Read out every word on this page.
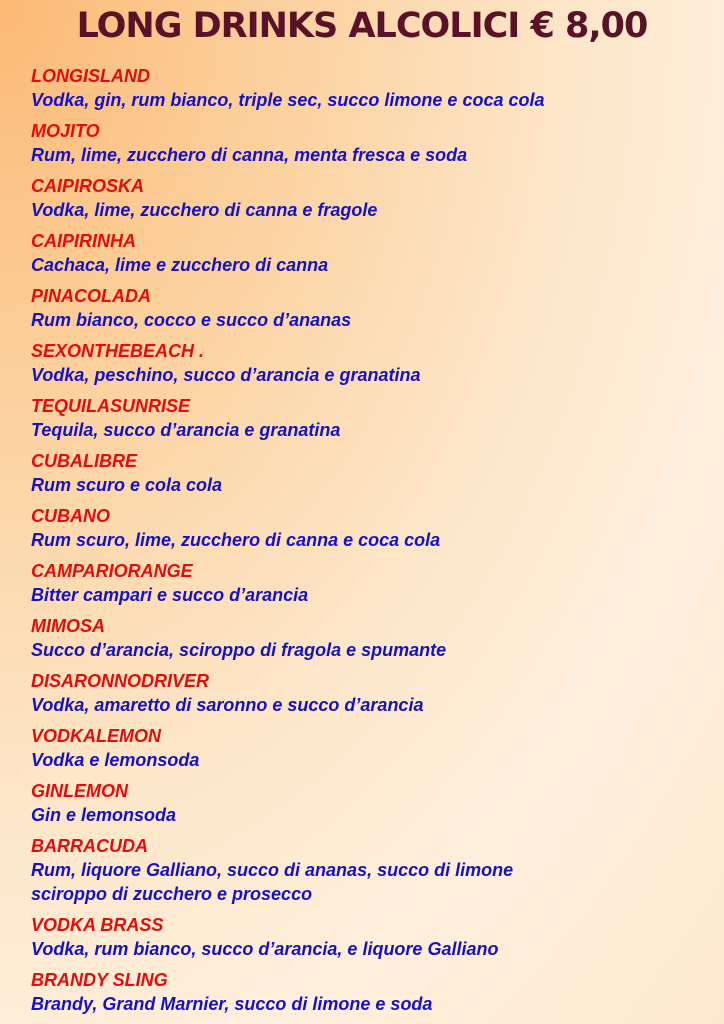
LONG DRINKS ALCOLICI € 8,00
LONGISLAND
Vodka, gin, rum bianco, triple sec, succo limone e coca cola
MOJITO
Rum, lime, zucchero di canna, menta fresca e soda
CAIPIROSKA
Vodka, lime, zucchero di canna e fragole
CAIPIRINHA
Cachaca, lime e zucchero di canna
PINACOLADA
Rum bianco, cocco e succo d’ananas
SEXONTHEBEACH .
Vodka, peschino, succo d’arancia e granatina
TEQUILASUNRISE
Tequila, succo d’arancia e granatina
CUBALIBRE
Rum scuro e cola cola
CUBANO
Rum scuro, lime, zucchero di canna e coca cola
CAMPARIORANGE
Bitter campari e succo d’arancia
MIMOSA
Succo d’arancia, sciroppo di fragola e spumante
DISARONNODRIVER
Vodka, amaretto di saronno e succo d’arancia
VODKALEMON
Vodka e lemonsoda
GINLEMON
Gin e lemonsoda
BARRACUDA
Rum, liquore Galliano, succo di ananas, succo di limone
sciroppo di zucchero e prosecco
VODKA BRASS
Vodka, rum bianco, succo d’arancia, e liquore Galliano
BRANDY SLING
Brandy, Grand Marnier, succo di limone e soda
